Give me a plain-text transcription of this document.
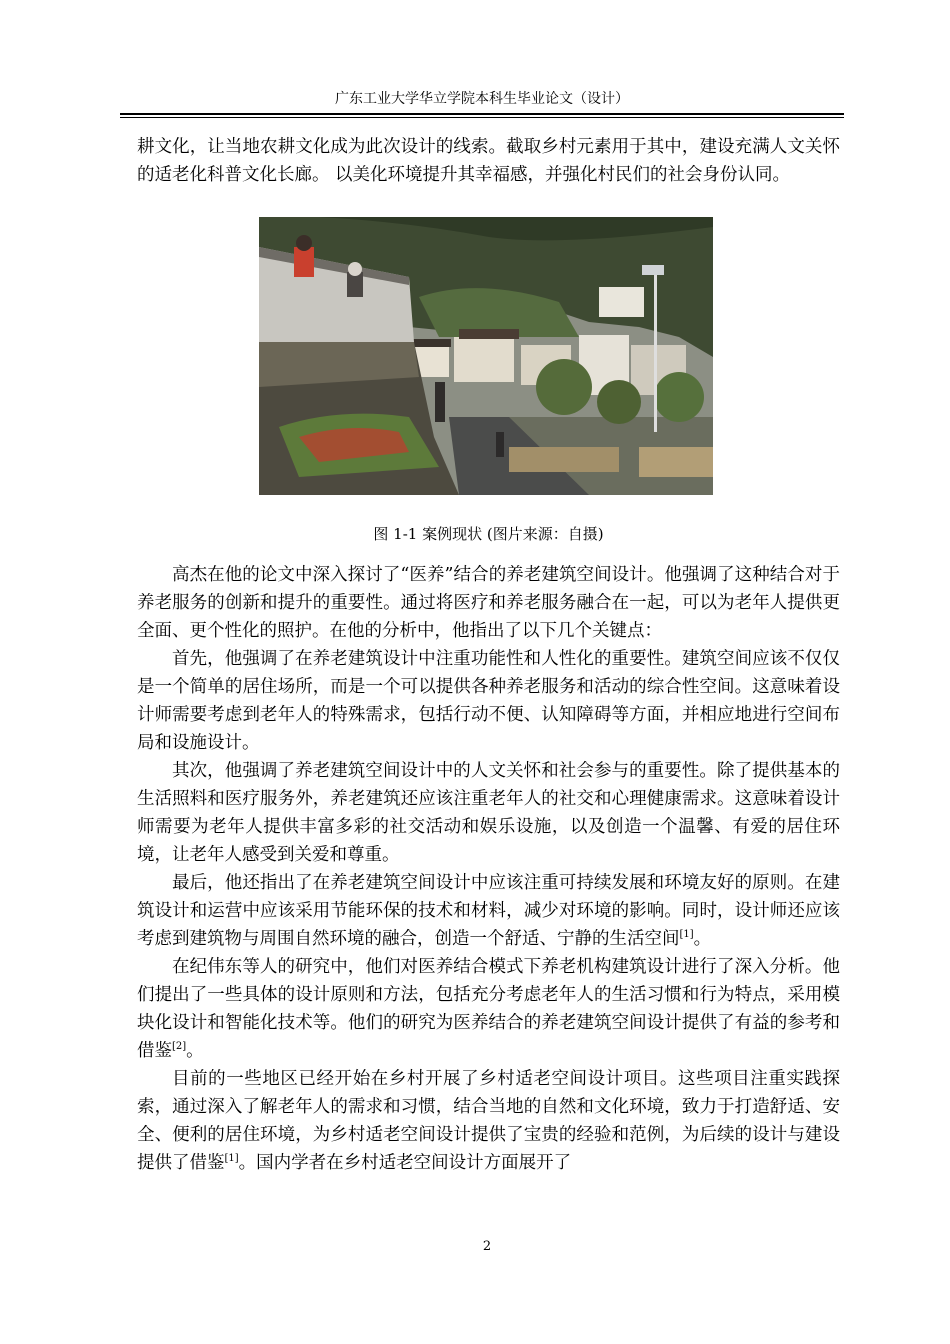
广东工业大学华立学院本科生毕业论文（设计）

耕文化，让当地农耕文化成为此次设计的线索。截取乡村元素用于其中，建设充满人文关怀的适老化科普文化长廊。 以美化环境提升其幸福感，并强化村民们的社会身份认同。

图 1-1 案例现状 (图片来源：自摄)

高杰在他的论文中深入探讨了“医养”结合的养老建筑空间设计。他强调了这种结合对于养老服务的创新和提升的重要性。通过将医疗和养老服务融合在一起，可以为老年人提供更全面、更个性化的照护。在他的分析中，他指出了以下几个关键点：

首先，他强调了在养老建筑设计中注重功能性和人性化的重要性。建筑空间应该不仅仅是一个简单的居住场所，而是一个可以提供各种养老服务和活动的综合性空间。这意味着设计师需要考虑到老年人的特殊需求，包括行动不便、认知障碍等方面，并相应地进行空间布局和设施设计。

其次，他强调了养老建筑空间设计中的人文关怀和社会参与的重要性。除了提供基本的生活照料和医疗服务外，养老建筑还应该注重老年人的社交和心理健康需求。这意味着设计师需要为老年人提供丰富多彩的社交活动和娱乐设施，以及创造一个温馨、有爱的居住环境，让老年人感受到关爱和尊重。

最后，他还指出了在养老建筑空间设计中应该注重可持续发展和环境友好的原则。在建筑设计和运营中应该采用节能环保的技术和材料，减少对环境的影响。同时，设计师还应该考虑到建筑物与周围自然环境的融合，创造一个舒适、宁静的生活空间[1]。

在纪伟东等人的研究中，他们对医养结合模式下养老机构建筑设计进行了深入分析。他们提出了一些具体的设计原则和方法，包括充分考虑老年人的生活习惯和行为特点，采用模块化设计和智能化技术等。他们的研究为医养结合的养老建筑空间设计提供了有益的参考和借鉴[2]。

目前的一些地区已经开始在乡村开展了乡村适老空间设计项目。这些项目注重实践探索，通过深入了解老年人的需求和习惯，结合当地的自然和文化环境，致力于打造舒适、安全、便利的居住环境，为乡村适老空间设计提供了宝贵的经验和范例，为后续的设计与建设提供了借鉴[1]。国内学者在乡村适老空间设计方面展开了

2
